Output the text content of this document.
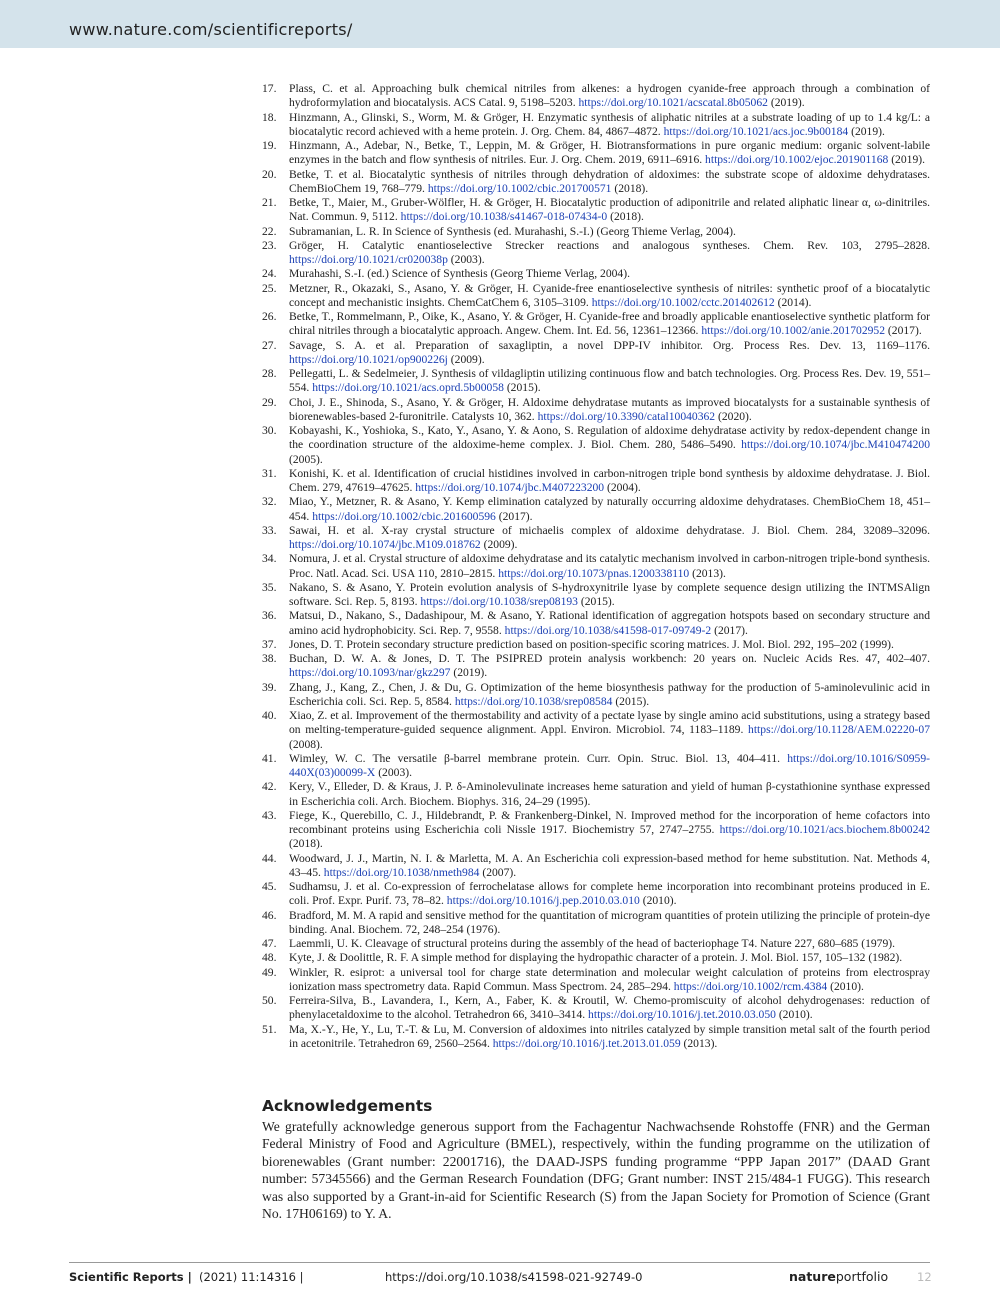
www.nature.com/scientificreports/
17.	Plass, C. et al. Approaching bulk chemical nitriles from alkenes: a hydrogen cyanide-free approach through a combination of hydroformylation and biocatalysis. ACS Catal. 9, 5198–5203. https://doi.org/10.1021/acscatal.8b05062 (2019).
18.	Hinzmann, A., Glinski, S., Worm, M. & Gröger, H. Enzymatic synthesis of aliphatic nitriles at a substrate loading of up to 1.4 kg/L: a biocatalytic record achieved with a heme protein. J. Org. Chem. 84, 4867–4872. https://doi.org/10.1021/acs.joc.9b00184 (2019).
19.	Hinzmann, A., Adebar, N., Betke, T., Leppin, M. & Gröger, H. Biotransformations in pure organic medium: organic solvent-labile enzymes in the batch and flow synthesis of nitriles. Eur. J. Org. Chem. 2019, 6911–6916. https://doi.org/10.1002/ejoc.201901168 (2019).
20.	Betke, T. et al. Biocatalytic synthesis of nitriles through dehydration of aldoximes: the substrate scope of aldoxime dehydratases. ChemBioChem 19, 768–779. https://doi.org/10.1002/cbic.201700571 (2018).
21.	Betke, T., Maier, M., Gruber-Wölfler, H. & Gröger, H. Biocatalytic production of adiponitrile and related aliphatic linear α, ω-dinitriles. Nat. Commun. 9, 5112. https://doi.org/10.1038/s41467-018-07434-0 (2018).
22.	Subramanian, L. R. In Science of Synthesis (ed. Murahashi, S.-I.) (Georg Thieme Verlag, 2004).
23.	Gröger, H. Catalytic enantioselective Strecker reactions and analogous syntheses. Chem. Rev. 103, 2795–2828. https://doi.org/10.1021/cr020038p (2003).
24.	Murahashi, S.-I. (ed.) Science of Synthesis (Georg Thieme Verlag, 2004).
25.	Metzner, R., Okazaki, S., Asano, Y. & Gröger, H. Cyanide-free enantioselective synthesis of nitriles: synthetic proof of a biocatalytic concept and mechanistic insights. ChemCatChem 6, 3105–3109. https://doi.org/10.1002/cctc.201402612 (2014).
26.	Betke, T., Rommelmann, P., Oike, K., Asano, Y. & Gröger, H. Cyanide-free and broadly applicable enantioselective synthetic platform for chiral nitriles through a biocatalytic approach. Angew. Chem. Int. Ed. 56, 12361–12366. https://doi.org/10.1002/anie.201702952 (2017).
27.	Savage, S. A. et al. Preparation of saxagliptin, a novel DPP-IV inhibitor. Org. Process Res. Dev. 13, 1169–1176. https://doi.org/10.1021/op900226j (2009).
28.	Pellegatti, L. & Sedelmeier, J. Synthesis of vildagliptin utilizing continuous flow and batch technologies. Org. Process Res. Dev. 19, 551–554. https://doi.org/10.1021/acs.oprd.5b00058 (2015).
29.	Choi, J. E., Shinoda, S., Asano, Y. & Gröger, H. Aldoxime dehydratase mutants as improved biocatalysts for a sustainable synthesis of biorenewables-based 2-furonitrile. Catalysts 10, 362. https://doi.org/10.3390/catal10040362 (2020).
30.	Kobayashi, K., Yoshioka, S., Kato, Y., Asano, Y. & Aono, S. Regulation of aldoxime dehydratase activity by redox-dependent change in the coordination structure of the aldoxime-heme complex. J. Biol. Chem. 280, 5486–5490. https://doi.org/10.1074/jbc.M410474200 (2005).
31.	Konishi, K. et al. Identification of crucial histidines involved in carbon-nitrogen triple bond synthesis by aldoxime dehydratase. J. Biol. Chem. 279, 47619–47625. https://doi.org/10.1074/jbc.M407223200 (2004).
32.	Miao, Y., Metzner, R. & Asano, Y. Kemp elimination catalyzed by naturally occurring aldoxime dehydratases. ChemBioChem 18, 451–454. https://doi.org/10.1002/cbic.201600596 (2017).
33.	Sawai, H. et al. X-ray crystal structure of michaelis complex of aldoxime dehydratase. J. Biol. Chem. 284, 32089–32096. https://doi.org/10.1074/jbc.M109.018762 (2009).
34.	Nomura, J. et al. Crystal structure of aldoxime dehydratase and its catalytic mechanism involved in carbon-nitrogen triple-bond synthesis. Proc. Natl. Acad. Sci. USA 110, 2810–2815. https://doi.org/10.1073/pnas.1200338110 (2013).
35.	Nakano, S. & Asano, Y. Protein evolution analysis of S-hydroxynitrile lyase by complete sequence design utilizing the INTMSAlign software. Sci. Rep. 5, 8193. https://doi.org/10.1038/srep08193 (2015).
36.	Matsui, D., Nakano, S., Dadashipour, M. & Asano, Y. Rational identification of aggregation hotspots based on secondary structure and amino acid hydrophobicity. Sci. Rep. 7, 9558. https://doi.org/10.1038/s41598-017-09749-2 (2017).
37.	Jones, D. T. Protein secondary structure prediction based on position-specific scoring matrices. J. Mol. Biol. 292, 195–202 (1999).
38.	Buchan, D. W. A. & Jones, D. T. The PSIPRED protein analysis workbench: 20 years on. Nucleic Acids Res. 47, 402–407. https://doi.org/10.1093/nar/gkz297 (2019).
39.	Zhang, J., Kang, Z., Chen, J. & Du, G. Optimization of the heme biosynthesis pathway for the production of 5-aminolevulinic acid in Escherichia coli. Sci. Rep. 5, 8584. https://doi.org/10.1038/srep08584 (2015).
40.	Xiao, Z. et al. Improvement of the thermostability and activity of a pectate lyase by single amino acid substitutions, using a strategy based on melting-temperature-guided sequence alignment. Appl. Environ. Microbiol. 74, 1183–1189. https://doi.org/10.1128/AEM.02220-07 (2008).
41.	Wimley, W. C. The versatile β-barrel membrane protein. Curr. Opin. Struc. Biol. 13, 404–411. https://doi.org/10.1016/S0959-440X(03)00099-X (2003).
42.	Kery, V., Elleder, D. & Kraus, J. P. δ-Aminolevulinate increases heme saturation and yield of human β-cystathionine synthase expressed in Escherichia coli. Arch. Biochem. Biophys. 316, 24–29 (1995).
43.	Fiege, K., Querebillo, C. J., Hildebrandt, P. & Frankenberg-Dinkel, N. Improved method for the incorporation of heme cofactors into recombinant proteins using Escherichia coli Nissle 1917. Biochemistry 57, 2747–2755. https://doi.org/10.1021/acs.biochem.8b00242 (2018).
44.	Woodward, J. J., Martin, N. I. & Marletta, M. A. An Escherichia coli expression-based method for heme substitution. Nat. Methods 4, 43–45. https://doi.org/10.1038/nmeth984 (2007).
45.	Sudhamsu, J. et al. Co-expression of ferrochelatase allows for complete heme incorporation into recombinant proteins produced in E. coli. Prof. Expr. Purif. 73, 78–82. https://doi.org/10.1016/j.pep.2010.03.010 (2010).
46.	Bradford, M. M. A rapid and sensitive method for the quantitation of microgram quantities of protein utilizing the principle of protein-dye binding. Anal. Biochem. 72, 248–254 (1976).
47.	Laemmli, U. K. Cleavage of structural proteins during the assembly of the head of bacteriophage T4. Nature 227, 680–685 (1979).
48.	Kyte, J. & Doolittle, R. F. A simple method for displaying the hydropathic character of a protein. J. Mol. Biol. 157, 105–132 (1982).
49.	Winkler, R. esiprot: a universal tool for charge state determination and molecular weight calculation of proteins from electrospray ionization mass spectrometry data. Rapid Commun. Mass Spectrom. 24, 285–294. https://doi.org/10.1002/rcm.4384 (2010).
50.	Ferreira-Silva, B., Lavandera, I., Kern, A., Faber, K. & Kroutil, W. Chemo-promiscuity of alcohol dehydrogenases: reduction of phenylacetaldoxime to the alcohol. Tetrahedron 66, 3410–3414. https://doi.org/10.1016/j.tet.2010.03.050 (2010).
51.	Ma, X.-Y., He, Y., Lu, T.-T. & Lu, M. Conversion of aldoximes into nitriles catalyzed by simple transition metal salt of the fourth period in acetonitrile. Tetrahedron 69, 2560–2564. https://doi.org/10.1016/j.tet.2013.01.059 (2013).
Acknowledgements

We gratefully acknowledge generous support from the Fachagentur Nachwachsende Rohstoffe (FNR) and the German Federal Ministry of Food and Agriculture (BMEL), respectively, within the funding programme on the utilization of biorenewables (Grant number: 22001716), the DAAD-JSPS funding programme “PPP Japan 2017” (DAAD Grant number: 57345566) and the German Research Foundation (DFG; Grant number: INST 215/484-1 FUGG). This research was also supported by a Grant-in-aid for Scientific Research (S) from the Japan Society for Promotion of Science (Grant No. 17H06169) to Y. A.

Scientific Reports | (2021) 11:14316 |	https://doi.org/10.1038/s41598-021-92749-0	natureportfolio	12
